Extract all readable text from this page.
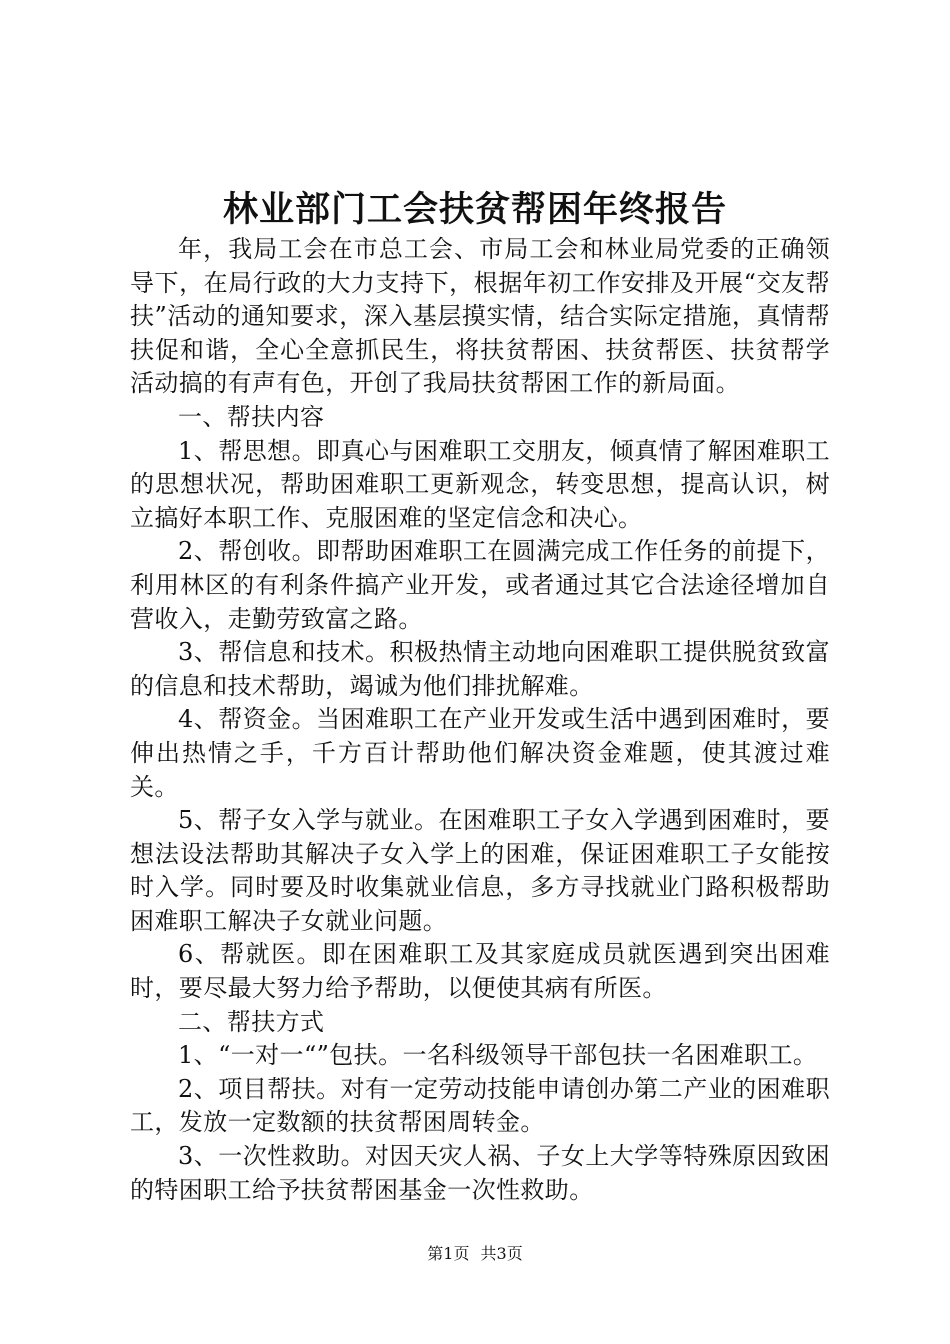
林业部门工会扶贫帮困年终报告

年，我局工会在市总工会、市局工会和林业局党委的正确领导下，在局行政的大力支持下，根据年初工作安排及开展“交友帮扶”活动的通知要求，深入基层摸实情，结合实际定措施，真情帮扶促和谐，全心全意抓民生，将扶贫帮困、扶贫帮医、扶贫帮学活动搞的有声有色，开创了我局扶贫帮困工作的新局面。

一、帮扶内容

1、帮思想。即真心与困难职工交朋友，倾真情了解困难职工的思想状况，帮助困难职工更新观念，转变思想，提高认识，树立搞好本职工作、克服困难的坚定信念和决心。

2、帮创收。即帮助困难职工在圆满完成工作任务的前提下，利用林区的有利条件搞产业开发，或者通过其它合法途径增加自营收入，走勤劳致富之路。

3、帮信息和技术。积极热情主动地向困难职工提供脱贫致富的信息和技术帮助，竭诚为他们排扰解难。

4、帮资金。当困难职工在产业开发或生活中遇到困难时，要伸出热情之手，千方百计帮助他们解决资金难题，使其渡过难关。

5、帮子女入学与就业。在困难职工子女入学遇到困难时，要想法设法帮助其解决子女入学上的困难，保证困难职工子女能按时入学。同时要及时收集就业信息，多方寻找就业门路积极帮助困难职工解决子女就业问题。

6、帮就医。即在困难职工及其家庭成员就医遇到突出困难时，要尽最大努力给予帮助，以便使其病有所医。

二、帮扶方式

1、“一对一“”包扶。一名科级领导干部包扶一名困难职工。

2、项目帮扶。对有一定劳动技能申请创办第二产业的困难职工，发放一定数额的扶贫帮困周转金。

3、一次性救助。对因天灾人祸、子女上大学等特殊原因致困的特困职工给予扶贫帮困基金一次性救助。

第1页 共3页
